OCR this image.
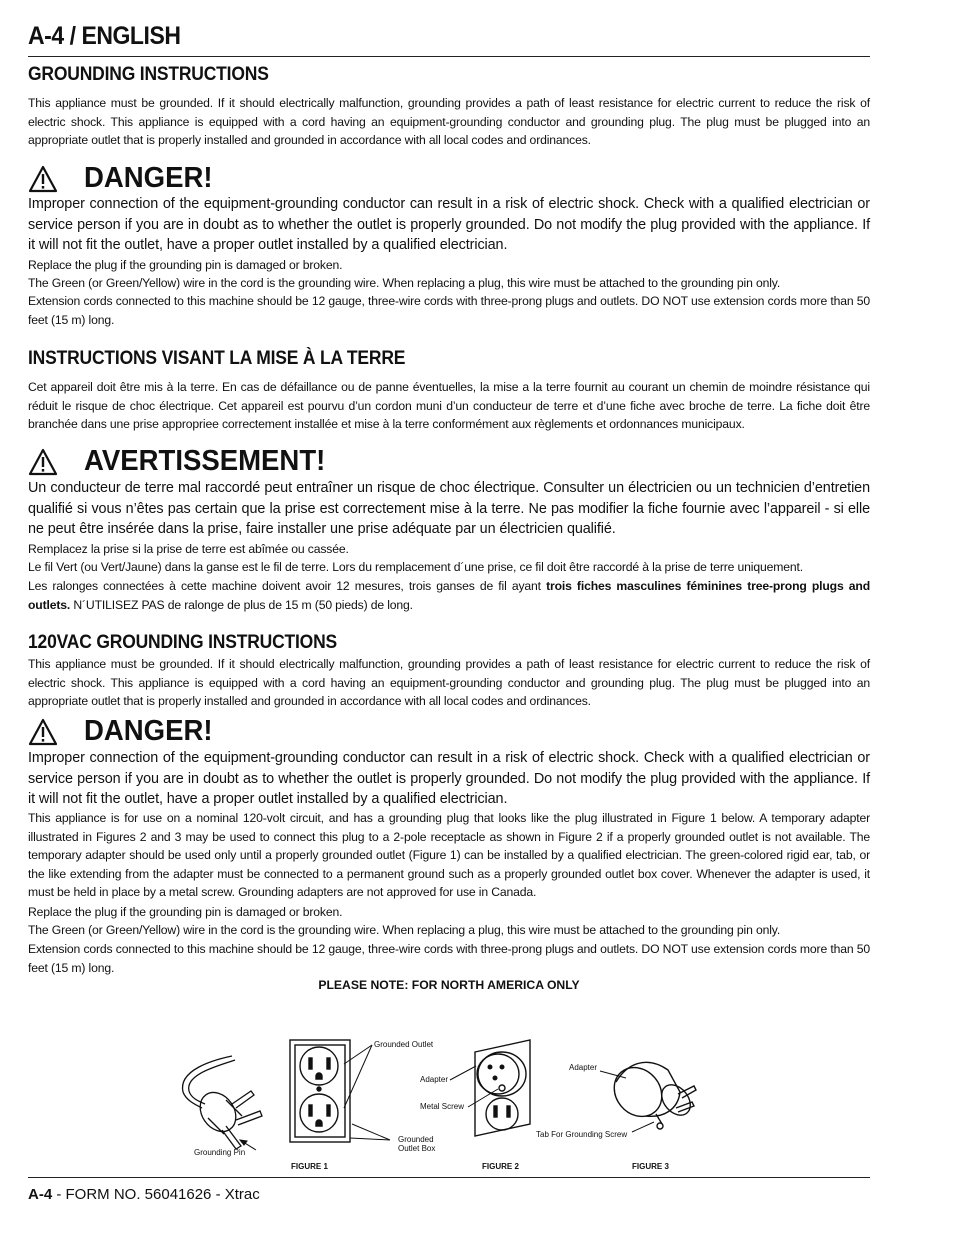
A-4 / ENGLISH
GROUNDING INSTRUCTIONS

This appliance must be grounded. If it should electrically malfunction, grounding provides a path of least resistance for electric current to reduce the risk of electric shock. This appliance is equipped with a cord having an equipment-grounding conductor and grounding plug. The plug must be plugged into an appropriate outlet that is properly installed and grounded in accordance with all local codes and ordinances.

DANGER!

Improper connection of the equipment-grounding conductor can result in a risk of electric shock. Check with a qualified electrician or service person if you are in doubt as to whether the outlet is properly grounded. Do not modify the plug provided with the appliance. If it will not fit the outlet, have a proper outlet installed by a qualified electrician.

Replace the plug if the grounding pin is damaged or broken.

The Green (or Green/Yellow) wire in the cord is the grounding wire. When replacing a plug, this wire must be attached to the grounding pin only.

Extension cords connected to this machine should be 12 gauge, three-wire cords with three-prong plugs and outlets. DO NOT use extension cords more than 50 feet (15 m) long.

INSTRUCTIONS VISANT LA MISE À LA TERRE

Cet appareil doit être mis à la terre. En cas de défaillance ou de panne éventuelles, la mise a la terre fournit au courant un chemin de moindre résistance qui réduit le risque de choc électrique. Cet appareil est pourvu d’un cordon muni d’un conducteur de terre et d’une fiche avec broche de terre. La fiche doit être branchée dans une prise appropriee correctement installée et mise à la terre conformément aux règlements et ordonnances municipaux.

AVERTISSEMENT!

Un conducteur de terre mal raccordé peut entraîner un risque de choc électrique. Consulter un électricien ou un technicien d’entretien qualifié si vous n’êtes pas certain que la prise est correctement mise à la terre. Ne pas modifier la fiche fournie avec l’appareil - si elle ne peut être insérée dans la prise, faire installer une prise adéquate par un électricien qualifié.

Remplacez la prise si la prise de terre est abîmée ou cassée.

Le fil Vert (ou Vert/Jaune) dans la ganse est le fil de terre. Lors du remplacement d´une prise, ce fil doit être raccordé à la prise de terre uniquement.

Les ralonges connectées à cette machine doivent avoir 12 mesures, trois ganses de fil ayant trois fiches masculines féminines tree-prong plugs and outlets. N´UTILISEZ PAS de ralonge de plus de 15 m (50 pieds) de long.

120VAC GROUNDING INSTRUCTIONS

This appliance must be grounded. If it should electrically malfunction, grounding provides a path of least resistance for electric current to reduce the risk of electric shock. This appliance is equipped with a cord having an equipment-grounding conductor and grounding plug. The plug must be plugged into an appropriate outlet that is properly installed and grounded in accordance with all local codes and ordinances.

DANGER!

Improper connection of the equipment-grounding conductor can result in a risk of electric shock. Check with a qualified electrician or service person if you are in doubt as to whether the outlet is properly grounded. Do not modify the plug provided with the appliance. If it will not fit the outlet, have a proper outlet installed by a qualified electrician.

This appliance is for use on a nominal 120-volt circuit, and has a grounding plug that looks like the plug illustrated in Figure 1 below. A temporary adapter illustrated in Figures 2 and 3 may be used to connect this plug to a 2-pole receptacle as shown in Figure 2 if a properly grounded outlet is not available. The temporary adapter should be used only until a properly grounded outlet (Figure 1) can be installed by a qualified electrician. The green-colored rigid ear, tab, or the like extending from the adapter must be connected to a permanent ground such as a properly grounded outlet box cover. Whenever the adapter is used, it must be held in place by a metal screw. Grounding adapters are not approved for use in Canada.

Replace the plug if the grounding pin is damaged or broken.

The Green (or Green/Yellow) wire in the cord is the grounding wire. When replacing a plug, this wire must be attached to the grounding pin only.

Extension cords connected to this machine should be 12 gauge, three-wire cords with three-prong plugs and outlets. DO NOT use extension cords more than 50 feet (15 m) long.

PLEASE NOTE: FOR NORTH AMERICA ONLY
Grounding Pin
Grounded Outlet
Grounded
Outlet Box
Adapter
Metal Screw
Adapter
Tab For Grounding Screw
FIGURE 1	FIGURE 2	FIGURE 3
A-4 - FORM NO. 56041626 - Xtrac
